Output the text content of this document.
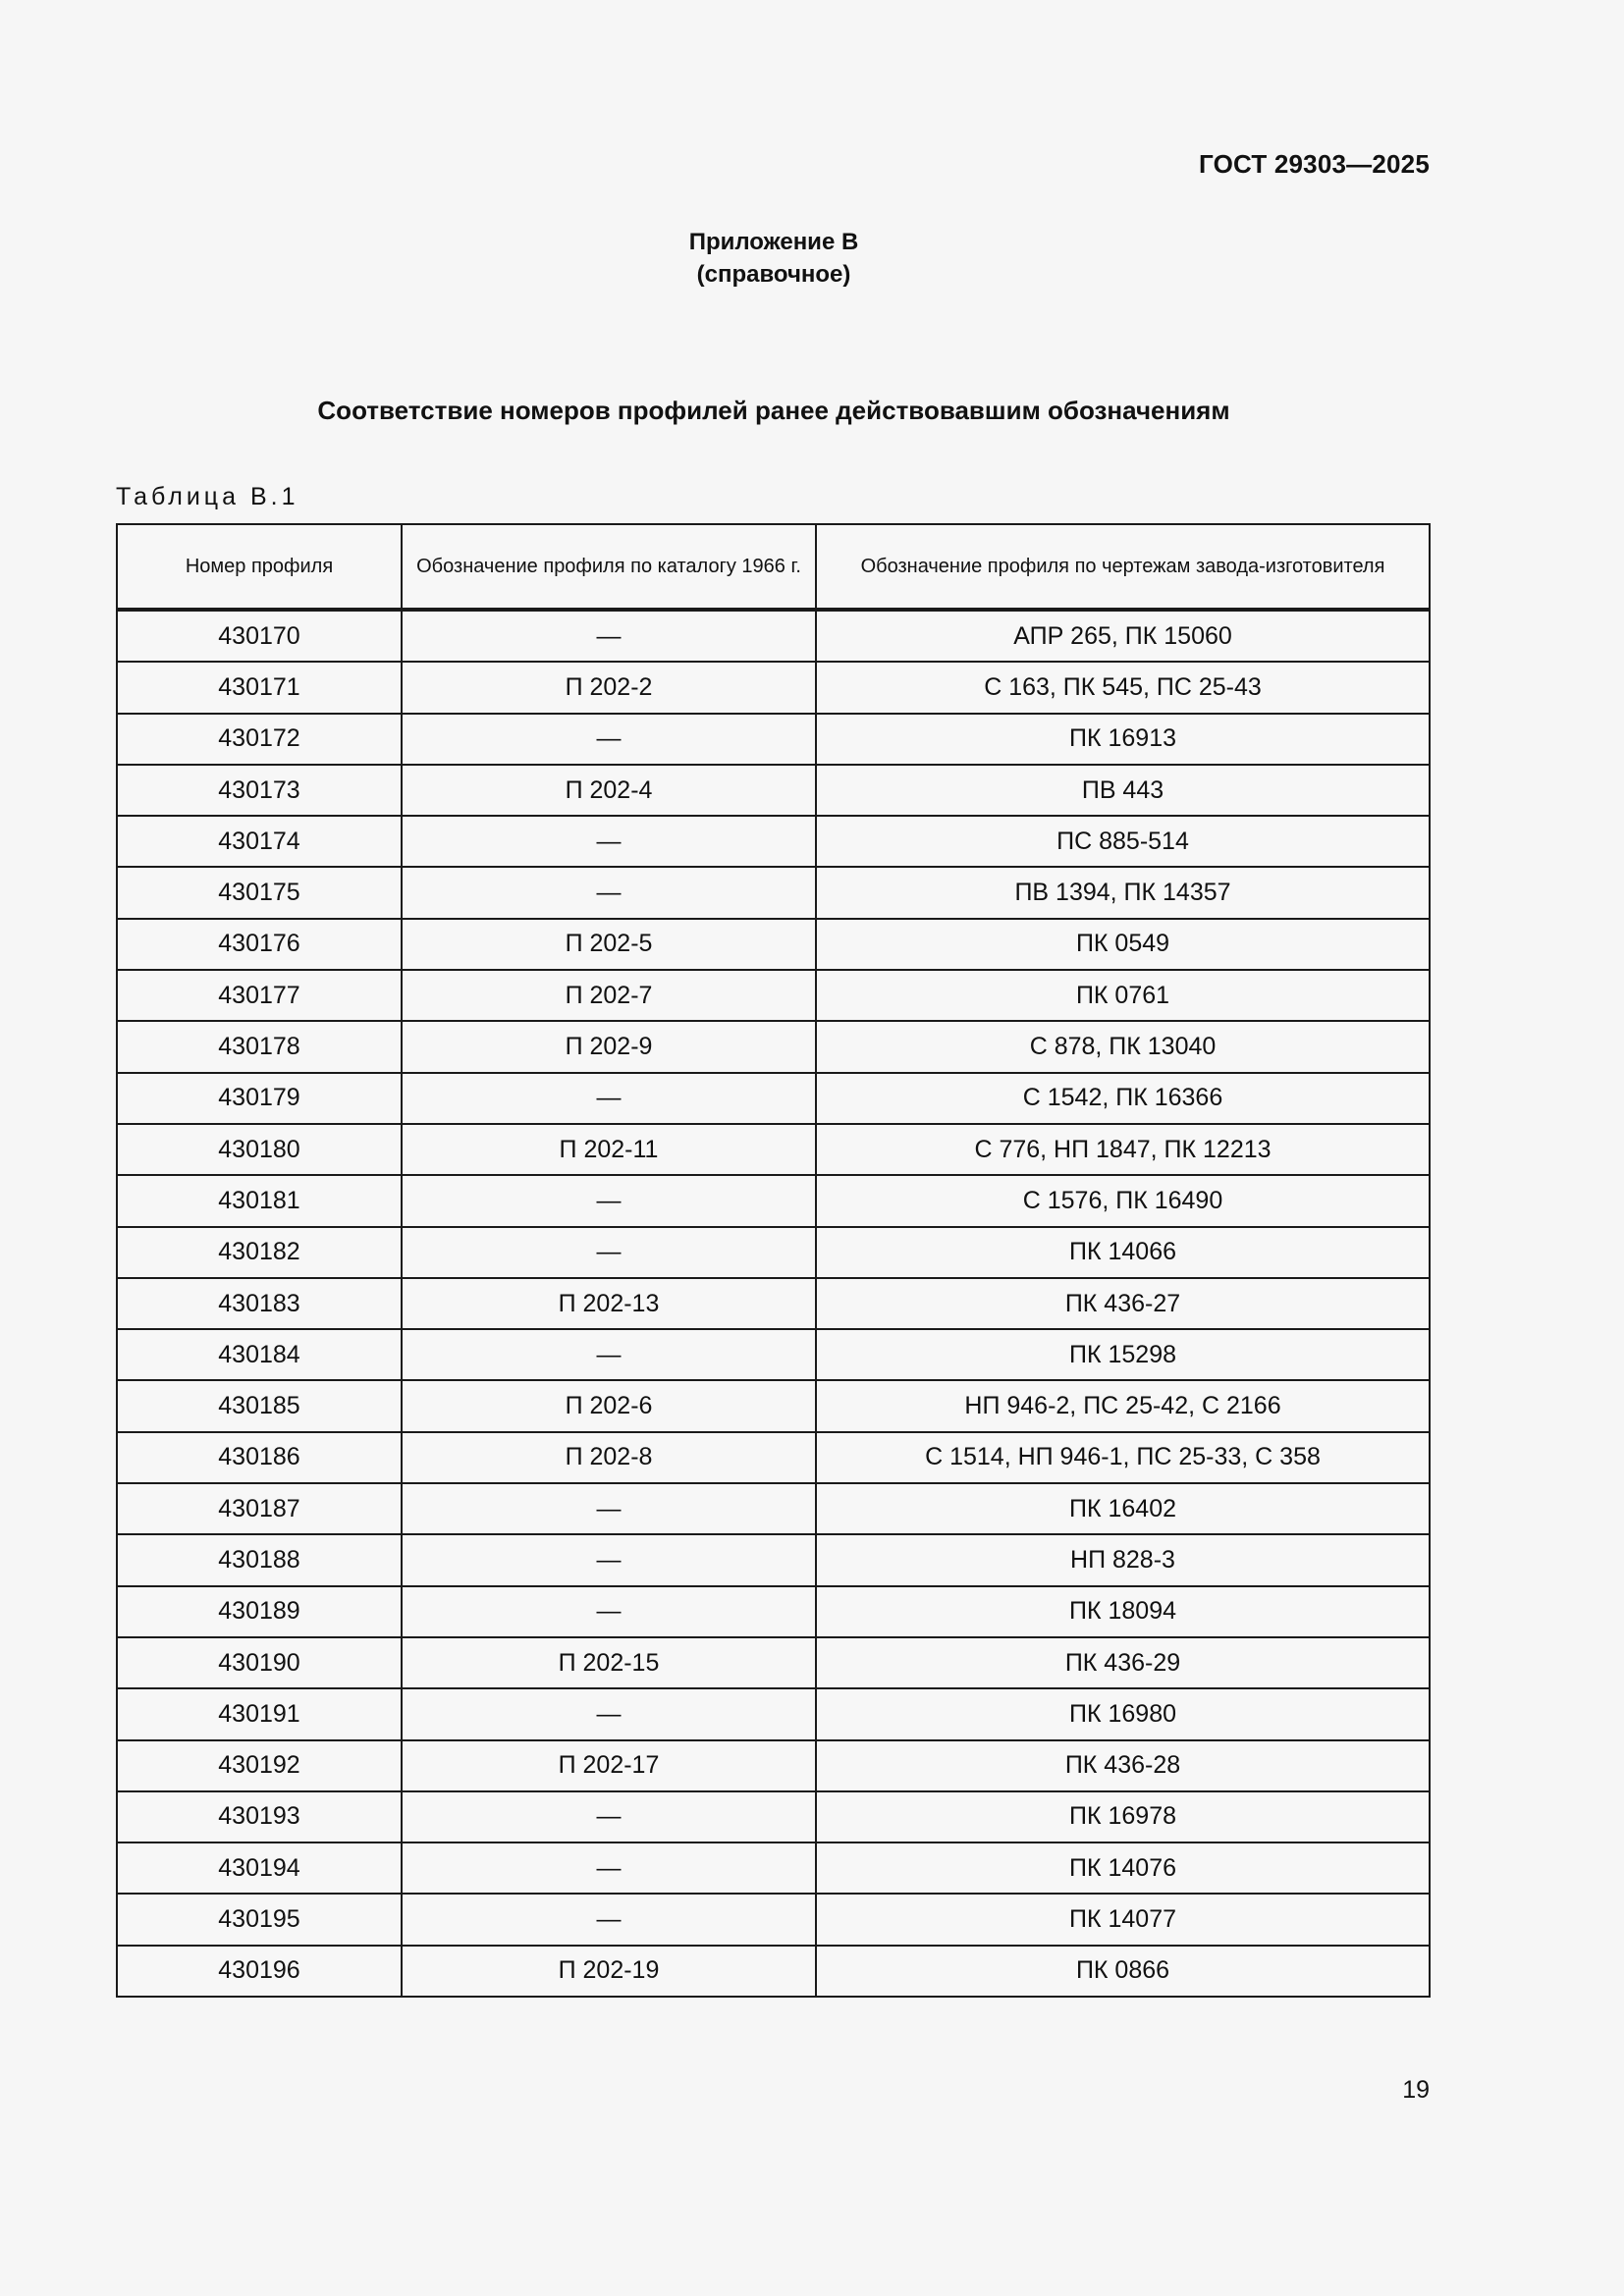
ГОСТ 29303—2025
Приложение В
(справочное)
Соответствие номеров профилей ранее действовавшим обозначениям
Таблица В.1
Номер профиля	Обозначение профиля по каталогу 1966 г.	Обозначение профиля по чертежам завода-изготовителя
430170	—	АПР 265, ПК 15060
430171	П 202-2	С 163, ПК 545, ПС 25-43
430172	—	ПК 16913
430173	П 202-4	ПВ 443
430174	—	ПС 885-514
430175	—	ПВ 1394, ПК 14357
430176	П 202-5	ПК 0549
430177	П 202-7	ПК 0761
430178	П 202-9	С 878, ПК 13040
430179	—	С 1542, ПК 16366
430180	П 202-11	С 776, НП 1847, ПК 12213
430181	—	С 1576, ПК 16490
430182	—	ПК 14066
430183	П 202-13	ПК 436-27
430184	—	ПК 15298
430185	П 202-6	НП 946-2, ПС 25-42, С 2166
430186	П 202-8	С 1514, НП 946-1, ПС 25-33, С 358
430187	—	ПК 16402
430188	—	НП 828-3
430189	—	ПК 18094
430190	П 202-15	ПК 436-29
430191	—	ПК 16980
430192	П 202-17	ПК 436-28
430193	—	ПК 16978
430194	—	ПК 14076
430195	—	ПК 14077
430196	П 202-19	ПК 0866
19
